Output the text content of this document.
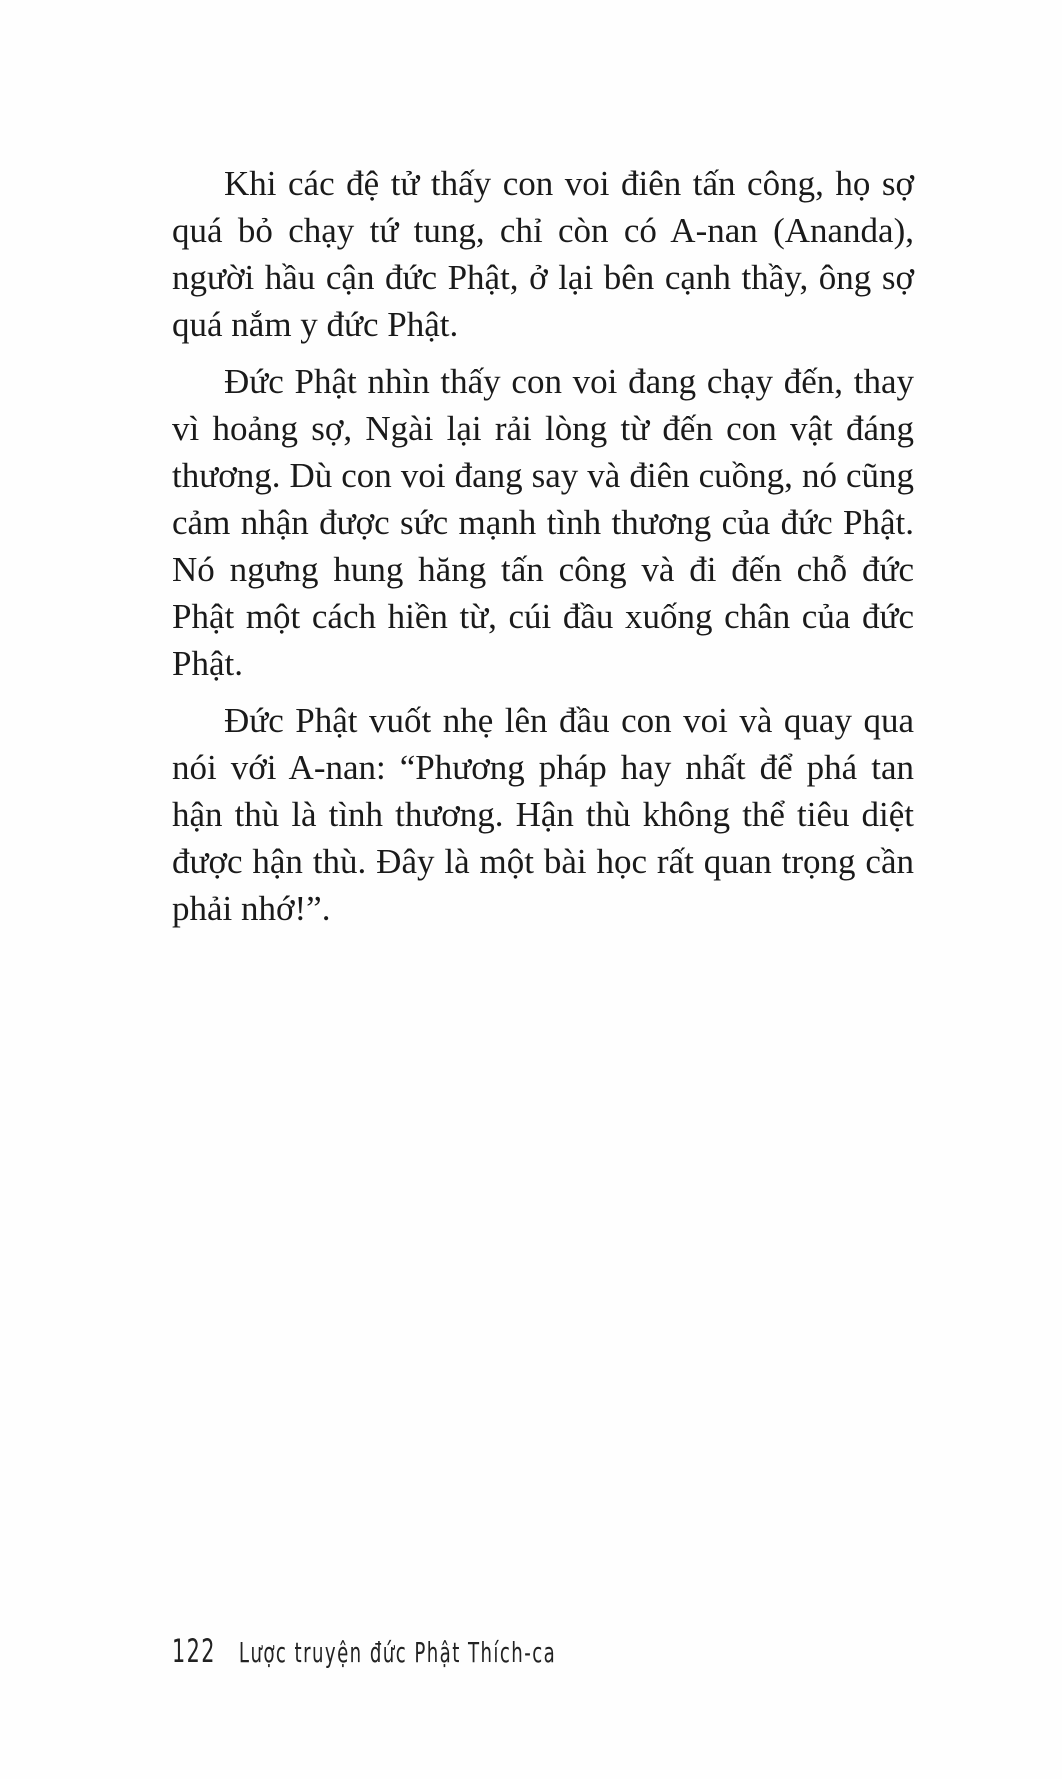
Khi các đệ tử thấy con voi điên tấn công, họ sợ quá bỏ chạy tứ tung, chỉ còn có A-nan (Ananda), người hầu cận đức Phật, ở lại bên cạnh thầy, ông sợ quá nắm y đức Phật.

Đức Phật nhìn thấy con voi đang chạy đến, thay vì hoảng sợ, Ngài lại rải lòng từ đến con vật đáng thương. Dù con voi đang say và điên cuồng, nó cũng cảm nhận được sức mạnh tình thương của đức Phật. Nó ngưng hung hăng tấn công và đi đến chỗ đức Phật một cách hiền từ, cúi đầu xuống chân của đức Phật.

Đức Phật vuốt nhẹ lên đầu con voi và quay qua nói với A-nan: “Phương pháp hay nhất để phá tan hận thù là tình thương. Hận thù không thể tiêu diệt được hận thù. Đây là một bài học rất quan trọng cần phải nhớ!”.

122 Lược truyện đức Phật Thích-ca
